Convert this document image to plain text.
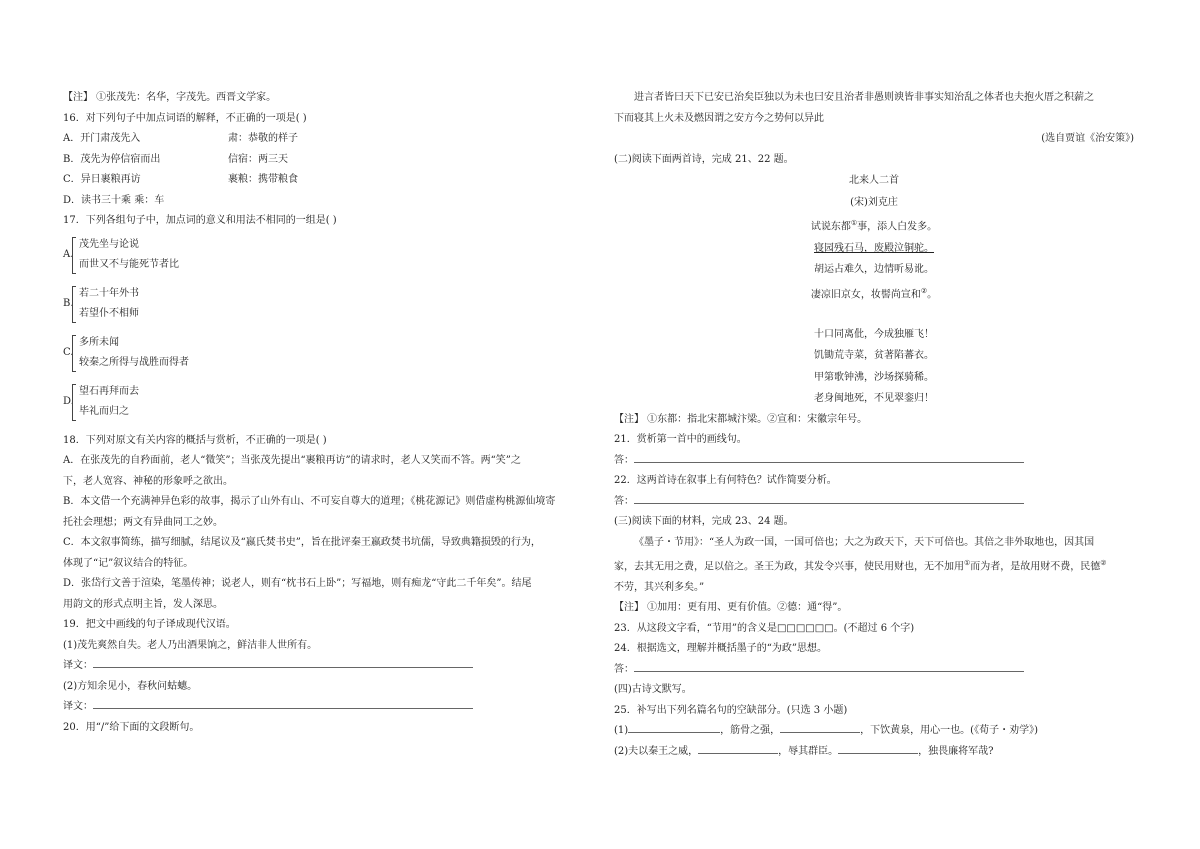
【注】 ①张茂先：名华，字茂先。西晋文学家。
16．对下列句子中加点词语的解释，不正确的一项是( )
A．开门肃茂先入	肃：恭敬的样子
B．茂先为停信宿而出	信宿：两三天
C．异日裹粮再访	裹粮：携带粮食
D．读书三十乘 乘：车
17．下列各组句子中，加点词的意义和用法不相同的一组是( )
A.
茂先坐与论说
而世又不与能死节者比
B.
若二十年外书
若望仆不相师
C.
多所未闻
较秦之所得与战胜而得者
D.
望石再拜而去
毕礼而归之
18．下列对原文有关内容的概括与赏析，不正确的一项是( )
A．在张茂先的自矜面前，老人“微笑”；当张茂先提出“裹粮再访”的请求时，老人又笑而不答。两“笑”之
下，老人宽容、神秘的形象呼之欲出。
B．本文借一个充满神异色彩的故事，揭示了山外有山、不可妄自尊大的道理；《桃花源记》则借虚构桃源仙境寄
托社会理想；两文有异曲同工之妙。
C．本文叙事简练，描写细腻，结尾议及“嬴氏焚书史”，旨在批评秦王嬴政焚书坑儒，导致典籍损毁的行为，
体现了“记”叙议结合的特征。
D．张岱行文善于渲染，笔墨传神；说老人，则有“枕书石上卧”；写福地，则有痴龙“守此二千年矣”。结尾
用韵文的形式点明主旨，发人深思。
19．把文中画线的句子译成现代汉语。
(1)茂先爽然自失。老人乃出酒果饷之，鲜洁非人世所有。
译文：
(2)方知余见小，春秋问蛄蟪。
译文：
20．用“/”给下面的文段断句。
进言者皆曰天下已安已治矣臣独以为未也曰安且治者非愚则谀皆非事实知治乱之体者也夫抱火厝之积薪之
下而寝其上火未及燃因谓之安方今之势何以异此
(选自贾谊《治安策》)
(二)阅读下面两首诗，完成 21、22 题。
北来人二首
(宋)刘克庄
试说东都①事，添人白发多。
寝园残石马，废殿泣铜驼。
胡运占难久，边情听易讹。
凄凉旧京女，妆髻尚宣和②。
十口同离仳，今成独雁飞！
饥锄荒寺菜，贫著陷蕃衣。
甲第歌钟沸，沙场探骑稀。
老身闽地死，不见翠銮归！
【注】 ①东都：指北宋都城汴梁。②宣和：宋徽宗年号。
21．赏析第一首中的画线句。
答：
22．这两首诗在叙事上有何特色？试作简要分析。
答：
(三)阅读下面的材料，完成 23、24 题。
《墨子・节用》：“圣人为政一国，一国可倍也；大之为政天下，天下可倍也。其倍之非外取地也，因其国
家，去其无用之费，足以倍之。圣王为政，其发令兴事，使民用财也，无不加用①而为者，是故用财不费，民德②
不劳，其兴利多矣。”
【注】 ①加用：更有用、更有价值。②德：通“得”。
23．从这段文字看，“节用”的含义是□□□□□□。(不超过 6 个字)
24．根据选文，理解并概括墨子的“为政”思想。
答：
(四)古诗文默写。
25．补写出下列名篇名句的空缺部分。(只选 3 小题)
(1)	，筋骨之强，	，下饮黄泉，用心一也。(《荀子・劝学》)
(2)夫以秦王之威，	，辱其群臣。	，独畏廉将军哉?
